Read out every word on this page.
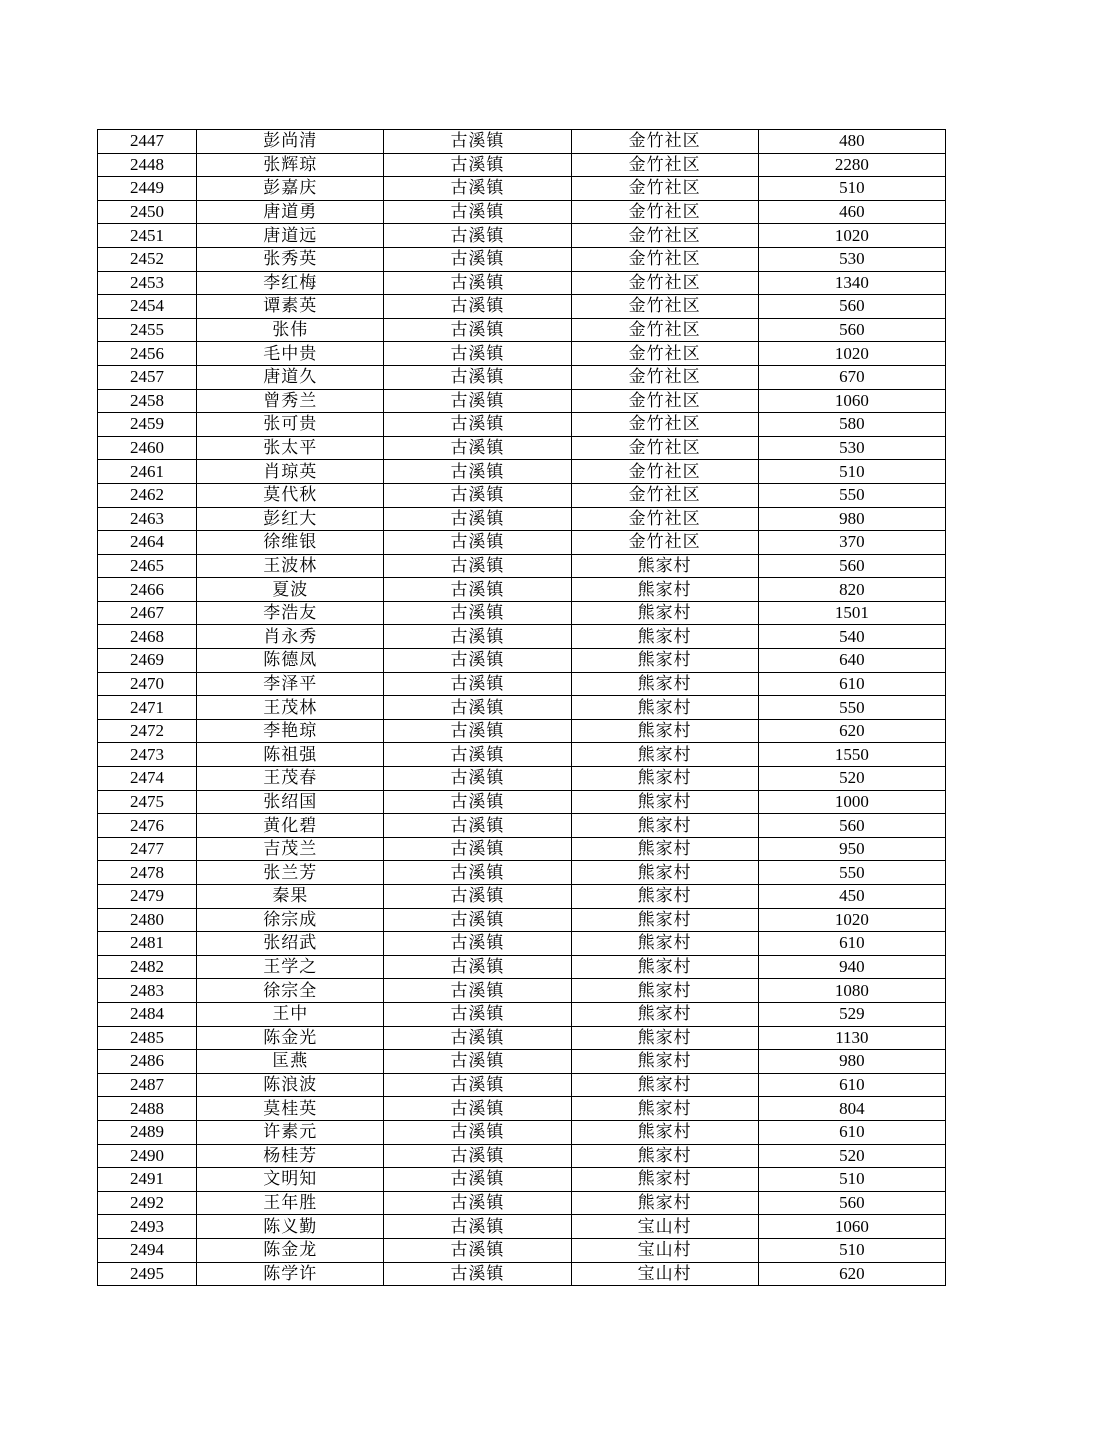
2447	彭尚清	古溪镇	金竹社区	480
2448	张辉琼	古溪镇	金竹社区	2280
2449	彭嘉庆	古溪镇	金竹社区	510
2450	唐道勇	古溪镇	金竹社区	460
2451	唐道远	古溪镇	金竹社区	1020
2452	张秀英	古溪镇	金竹社区	530
2453	李红梅	古溪镇	金竹社区	1340
2454	谭素英	古溪镇	金竹社区	560
2455	张伟	古溪镇	金竹社区	560
2456	毛中贵	古溪镇	金竹社区	1020
2457	唐道久	古溪镇	金竹社区	670
2458	曾秀兰	古溪镇	金竹社区	1060
2459	张可贵	古溪镇	金竹社区	580
2460	张太平	古溪镇	金竹社区	530
2461	肖琼英	古溪镇	金竹社区	510
2462	莫代秋	古溪镇	金竹社区	550
2463	彭红大	古溪镇	金竹社区	980
2464	徐维银	古溪镇	金竹社区	370
2465	王波林	古溪镇	熊家村	560
2466	夏波	古溪镇	熊家村	820
2467	李浩友	古溪镇	熊家村	1501
2468	肖永秀	古溪镇	熊家村	540
2469	陈德凤	古溪镇	熊家村	640
2470	李泽平	古溪镇	熊家村	610
2471	王茂林	古溪镇	熊家村	550
2472	李艳琼	古溪镇	熊家村	620
2473	陈祖强	古溪镇	熊家村	1550
2474	王茂春	古溪镇	熊家村	520
2475	张绍国	古溪镇	熊家村	1000
2476	黄化碧	古溪镇	熊家村	560
2477	吉茂兰	古溪镇	熊家村	950
2478	张兰芳	古溪镇	熊家村	550
2479	秦果	古溪镇	熊家村	450
2480	徐宗成	古溪镇	熊家村	1020
2481	张绍武	古溪镇	熊家村	610
2482	王学之	古溪镇	熊家村	940
2483	徐宗全	古溪镇	熊家村	1080
2484	王中	古溪镇	熊家村	529
2485	陈金光	古溪镇	熊家村	1130
2486	匡燕	古溪镇	熊家村	980
2487	陈浪波	古溪镇	熊家村	610
2488	莫桂英	古溪镇	熊家村	804
2489	许素元	古溪镇	熊家村	610
2490	杨桂芳	古溪镇	熊家村	520
2491	文明知	古溪镇	熊家村	510
2492	王年胜	古溪镇	熊家村	560
2493	陈义勤	古溪镇	宝山村	1060
2494	陈金龙	古溪镇	宝山村	510
2495	陈学许	古溪镇	宝山村	620
